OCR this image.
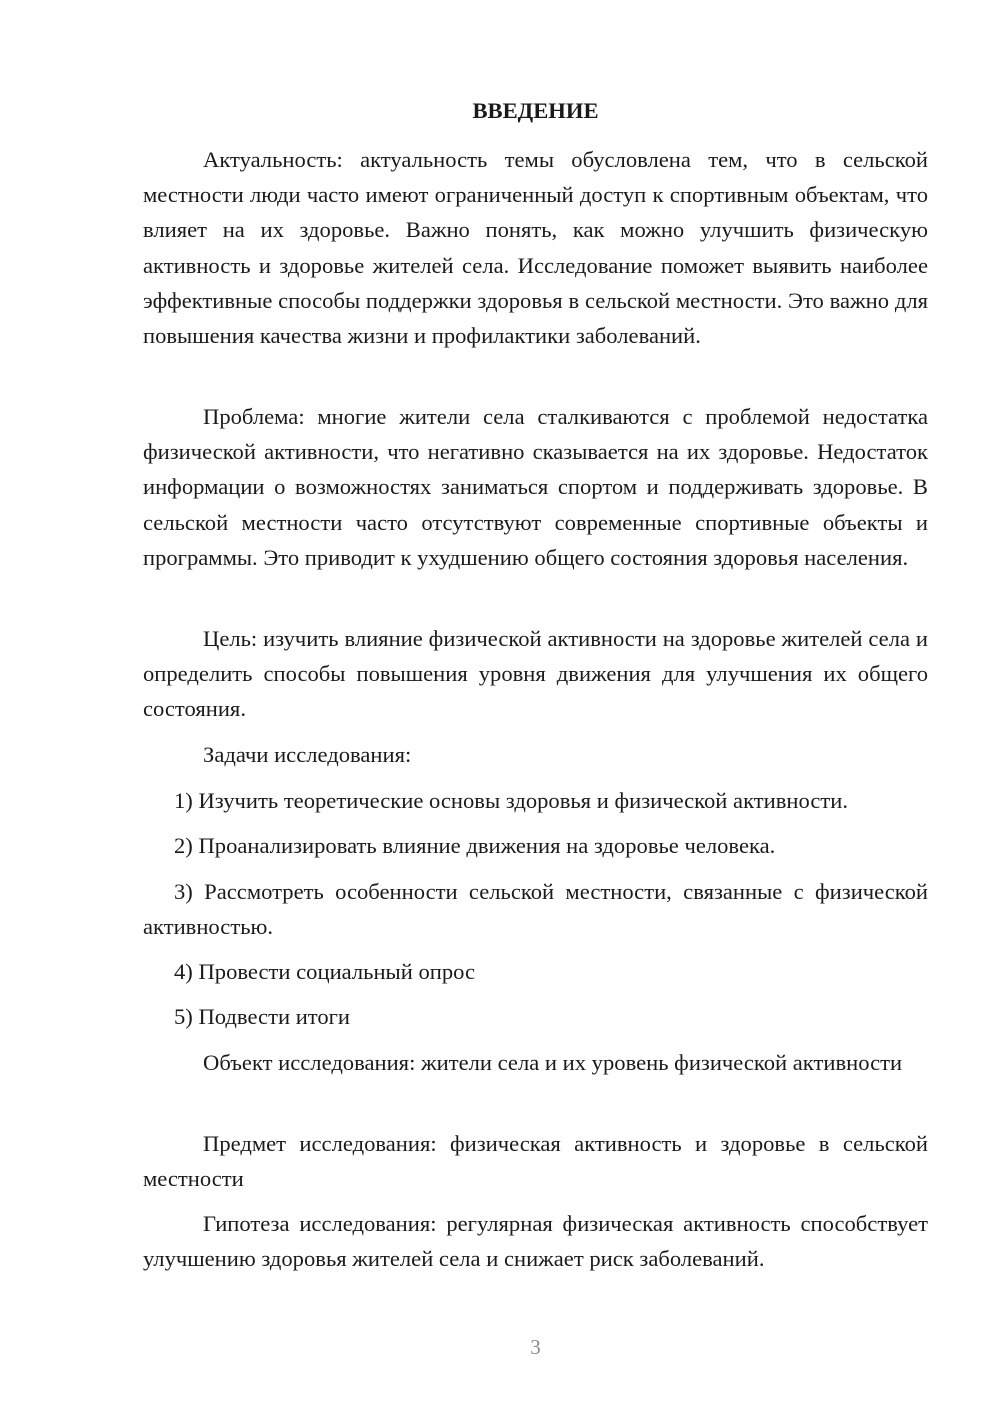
ВВЕДЕНИЕ

Актуальность: актуальность темы обусловлена тем, что в сельской местности люди часто имеют ограниченный доступ к спортивным объектам, что влияет на их здоровье. Важно понять, как можно улучшить физическую активность и здоровье жителей села. Исследование поможет выявить наиболее эффективные способы поддержки здоровья в сельской местности. Это важно для повышения качества жизни и профилактики заболеваний.

Проблема: многие жители села сталкиваются с проблемой недостатка физической активности, что негативно сказывается на их здоровье. Недостаток информации о возможностях заниматься спортом и поддерживать здоровье. В сельской местности часто отсутствуют современные спортивные объекты и программы. Это приводит к ухудшению общего состояния здоровья населения.

Цель: изучить влияние физической активности на здоровье жителей села и определить способы повышения уровня движения для улучшения их общего состояния.

Задачи исследования:

1) Изучить теоретические основы здоровья и физической активности.

2) Проанализировать влияние движения на здоровье человека.

3) Рассмотреть особенности сельской местности, связанные с физической активностью.

4) Провести социальный опрос

5) Подвести итоги

Объект исследования: жители села и их уровень физической активности

Предмет исследования: физическая активность и здоровье в сельской местности

Гипотеза исследования: регулярная физическая активность способствует улучшению здоровья жителей села и снижает риск заболеваний.

3
